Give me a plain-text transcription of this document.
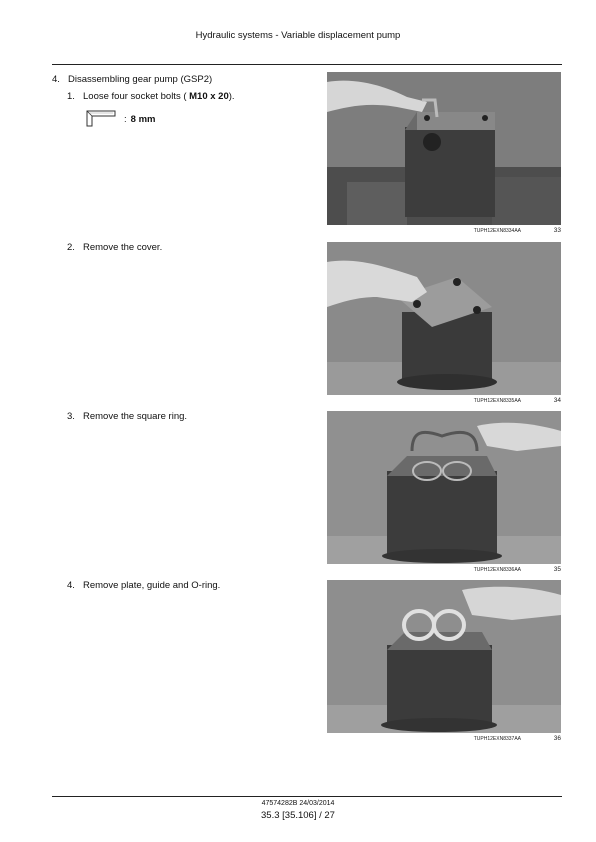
Hydraulic systems - Variable displacement pump
4. Disassembling gear pump (GSP2)
1. Loose four socket bolts ( M10 x 20).
: 8 mm
2. Remove the cover.
3. Remove the square ring.
4. Remove plate, guide and O-ring.
TUPH12EXN8334AA	33
TUPH12EXN8335AA	34
TUPH12EXN8336AA	35
TUPH12EXN8337AA	36
47574282B 24/03/2014
35.3 [35.106] / 27
